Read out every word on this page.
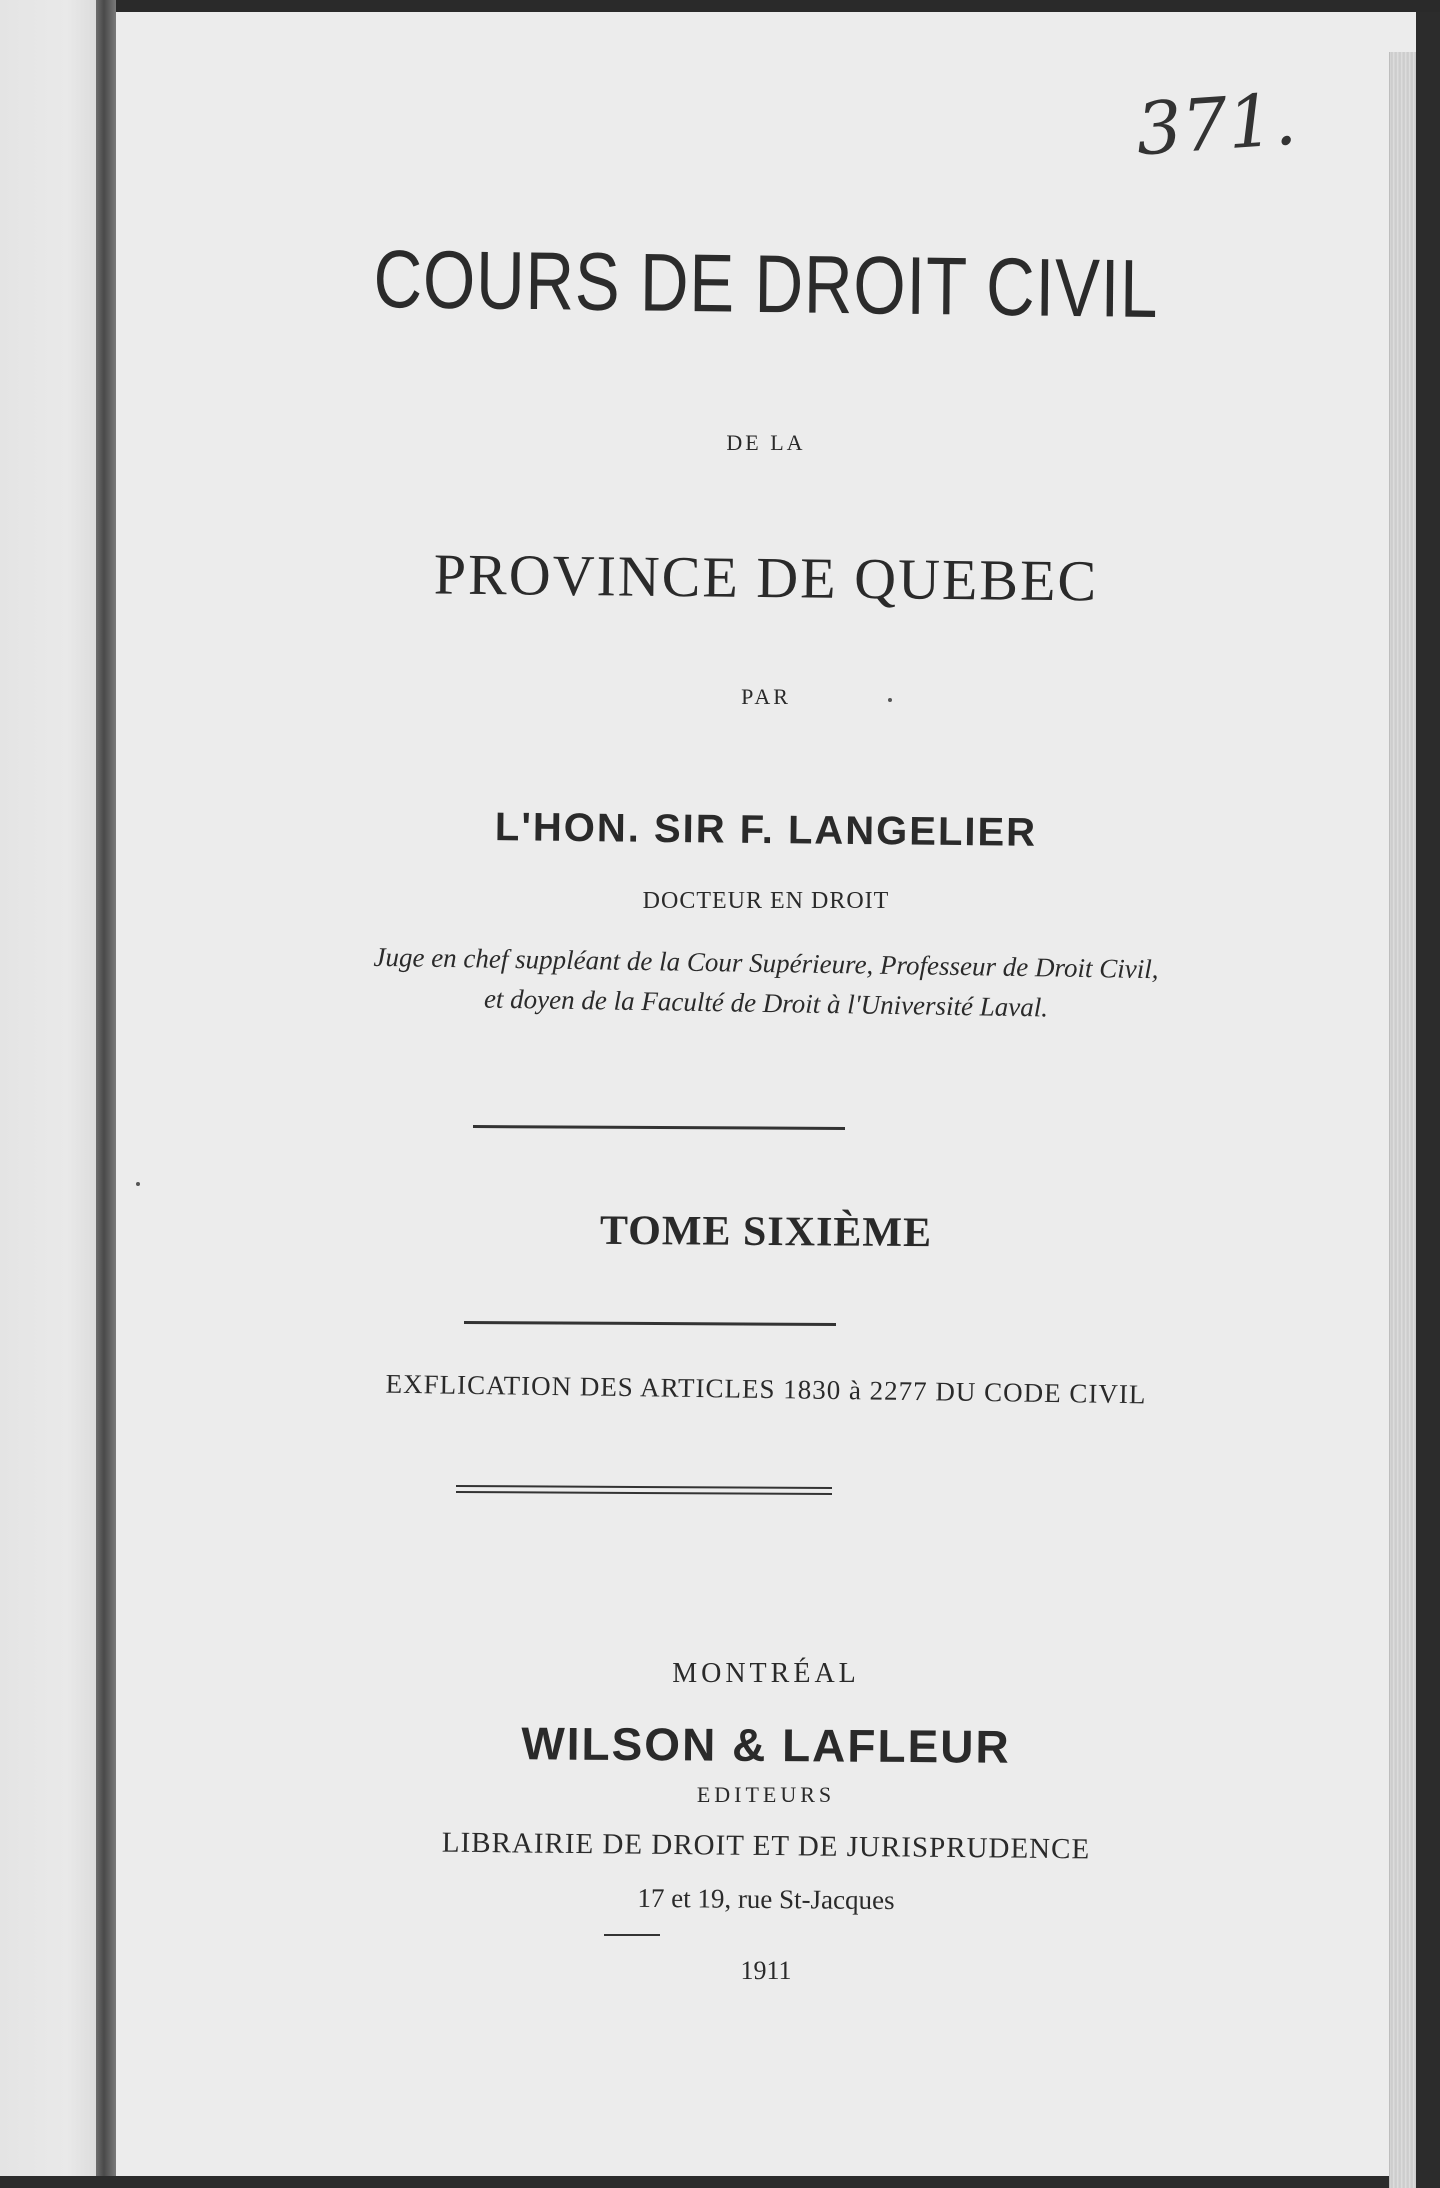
371.
COURS DE DROIT CIVIL
DE LA
PROVINCE DE QUEBEC
PAR
L'HON. SIR F. LANGELIER
DOCTEUR EN DROIT
Juge en chef suppléant de la Cour Supérieure, Professeur de Droit Civil,
et doyen de la Faculté de Droit à l'Université Laval.
TOME SIXIÈME
EXFLICATION DES ARTICLES 1830 à 2277 DU CODE CIVIL
MONTRÉAL
WILSON & LAFLEUR
EDITEURS
LIBRAIRIE DE DROIT ET DE JURISPRUDENCE
17 et 19, rue St-Jacques
1911
